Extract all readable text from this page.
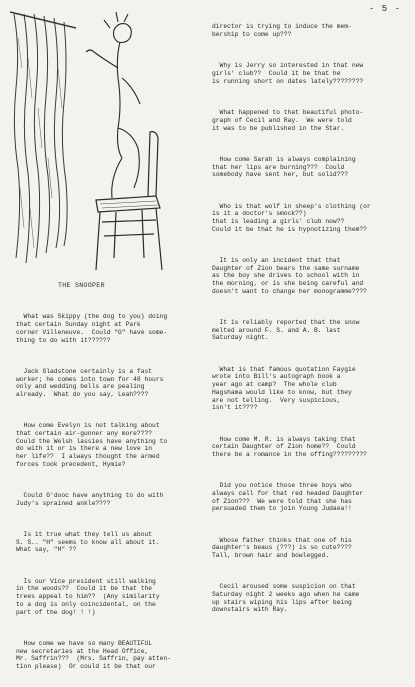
- 5 -
THE SNOOPER

What was Skippy (the dog to you) doing
that certain Sunday night at Park
corner Villeneuve.  Could "G" have some-
thing to do with it??????

Jack Gladstone certainly is a fast
worker; he comes into town for 48 hours
only and wedding bells are pealing
already.  What do you say, Leah????

How come Evelyn is not talking about
that certain air-gunner any more????
Could the Welsh lassies have anything to
do with it or is there a new love in
her life??  I always thought the armed
forces took precedent, Hymie?

Could G'dooc have anything to do with
Judy's sprained ankle????

Is it true what they tell us about
S. S.. "H" seems to know all about it.
What say, "H" ??

Is our Vice president still walking
in the woods??  Could it be that the
trees appeal to him??  (Any similarity
to a dog is only coincidental, on the
part of the dog! ! !)

How come we have so many BEAUTIFUL
new secretaries at the Head Office,
Mr. Saffrin???  (Mrs. Saffrin, pay atten-
tion please)  Or could it be that our

director is trying to induce the mem-
bership to come up???

Why is Jerry so interested in that new
girls' club??  Could it be that he
is running short on dates lately????????

What happened to that beautiful photo-
graph of Cecil and Ray.  We were told
it was to be published in the Star.

How come Sarah is always complaining
that her lips are burning???  Could
somebody have sent her, but solid???

Who is that wolf in sheep's clothing (or
is it a doctor's smock??)
that is leading a girls' club now??
Could it be that he is hypnotizing them??

It is only an incident that that
Daughter of Zion bears the same surname
as the boy she drives to school with in
the morning, or is she being careful and
doesn't want to change her monogramme????

It is reliably reported that the snow
melted around F. S. and A. B. last
Saturday night.

What is that famous quotation Faygie
wrote into Bill's autograph book a
year ago at camp?  The whole club
Hagshama would like to know, but they
are not telling.  Very suspicious,
isn't it????

How come M. R. is always taking that
certain Daughter of Zion home??  Could
there be a romance in the offing?????????

Did you notice those three boys who
always call for that red headed Daughter
of Zion???  We were told that she has
persuaded them to join Young Judaea!!

Whose father thinks that one of his
daughter's beaus (???) is so cute????
Tall, brown hair and bowlegged.

Cecil aroused some suspicion on that
Saturday night 2 weeks ago when he came
up stairs wiping his lips after being
downstairs with Ray.
